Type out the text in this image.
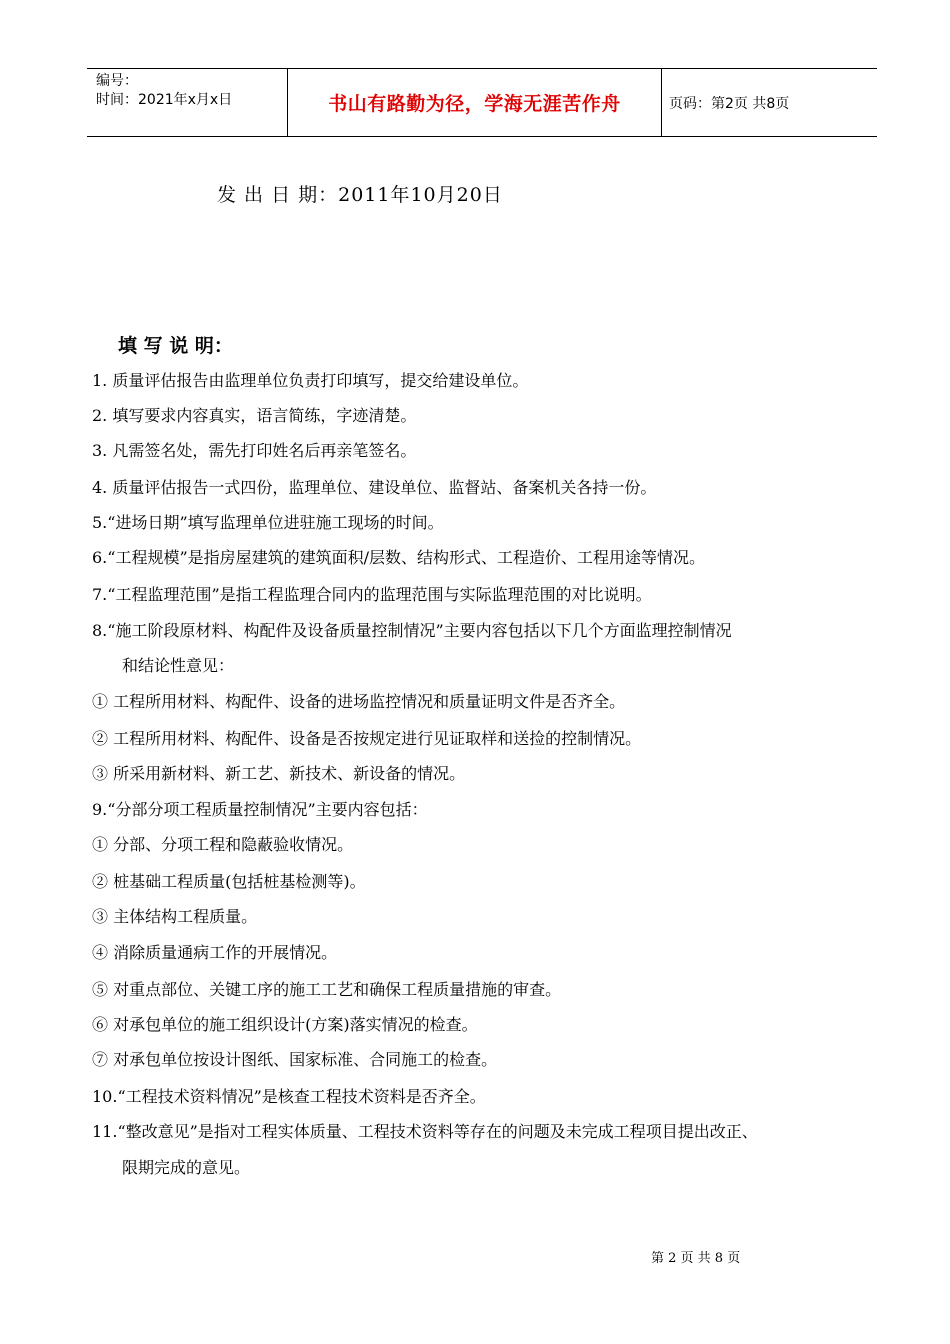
编号：
时间：2021年x月x日	书山有路勤为径，学海无涯苦作舟	页码：第2页 共8页
发 出 日 期：2011年10月20日
填 写 说 明：
1. 质量评估报告由监理单位负责打印填写，提交给建设单位。
2. 填写要求内容真实，语言简练，字迹清楚。
3. 凡需签名处，需先打印姓名后再亲笔签名。
4. 质量评估报告一式四份，监理单位、建设单位、监督站、备案机关各持一份。
5.“进场日期”填写监理单位进驻施工现场的时间。
6.“工程规模”是指房屋建筑的建筑面积/层数、结构形式、工程造价、工程用途等情况。
7.“工程监理范围”是指工程监理合同内的监理范围与实际监理范围的对比说明。
8.“施工阶段原材料、构配件及设备质量控制情况”主要内容包括以下几个方面监理控制情况
和结论性意见：
① 工程所用材料、构配件、设备的进场监控情况和质量证明文件是否齐全。
② 工程所用材料、构配件、设备是否按规定进行见证取样和送捡的控制情况。
③ 所采用新材料、新工艺、新技术、新设备的情况。
9.“分部分项工程质量控制情况”主要内容包括：
① 分部、分项工程和隐蔽验收情况。
② 桩基础工程质量(包括桩基检测等)。
③ 主体结构工程质量。
④ 消除质量通病工作的开展情况。
⑤ 对重点部位、关键工序的施工工艺和确保工程质量措施的审查。
⑥ 对承包单位的施工组织设计(方案)落实情况的检查。
⑦ 对承包单位按设计图纸、国家标准、合同施工的检查。
10.“工程技术资料情况”是核查工程技术资料是否齐全。
11.“整改意见”是指对工程实体质量、工程技术资料等存在的问题及未完成工程项目提出改正、
限期完成的意见。
第 2 页 共 8 页
